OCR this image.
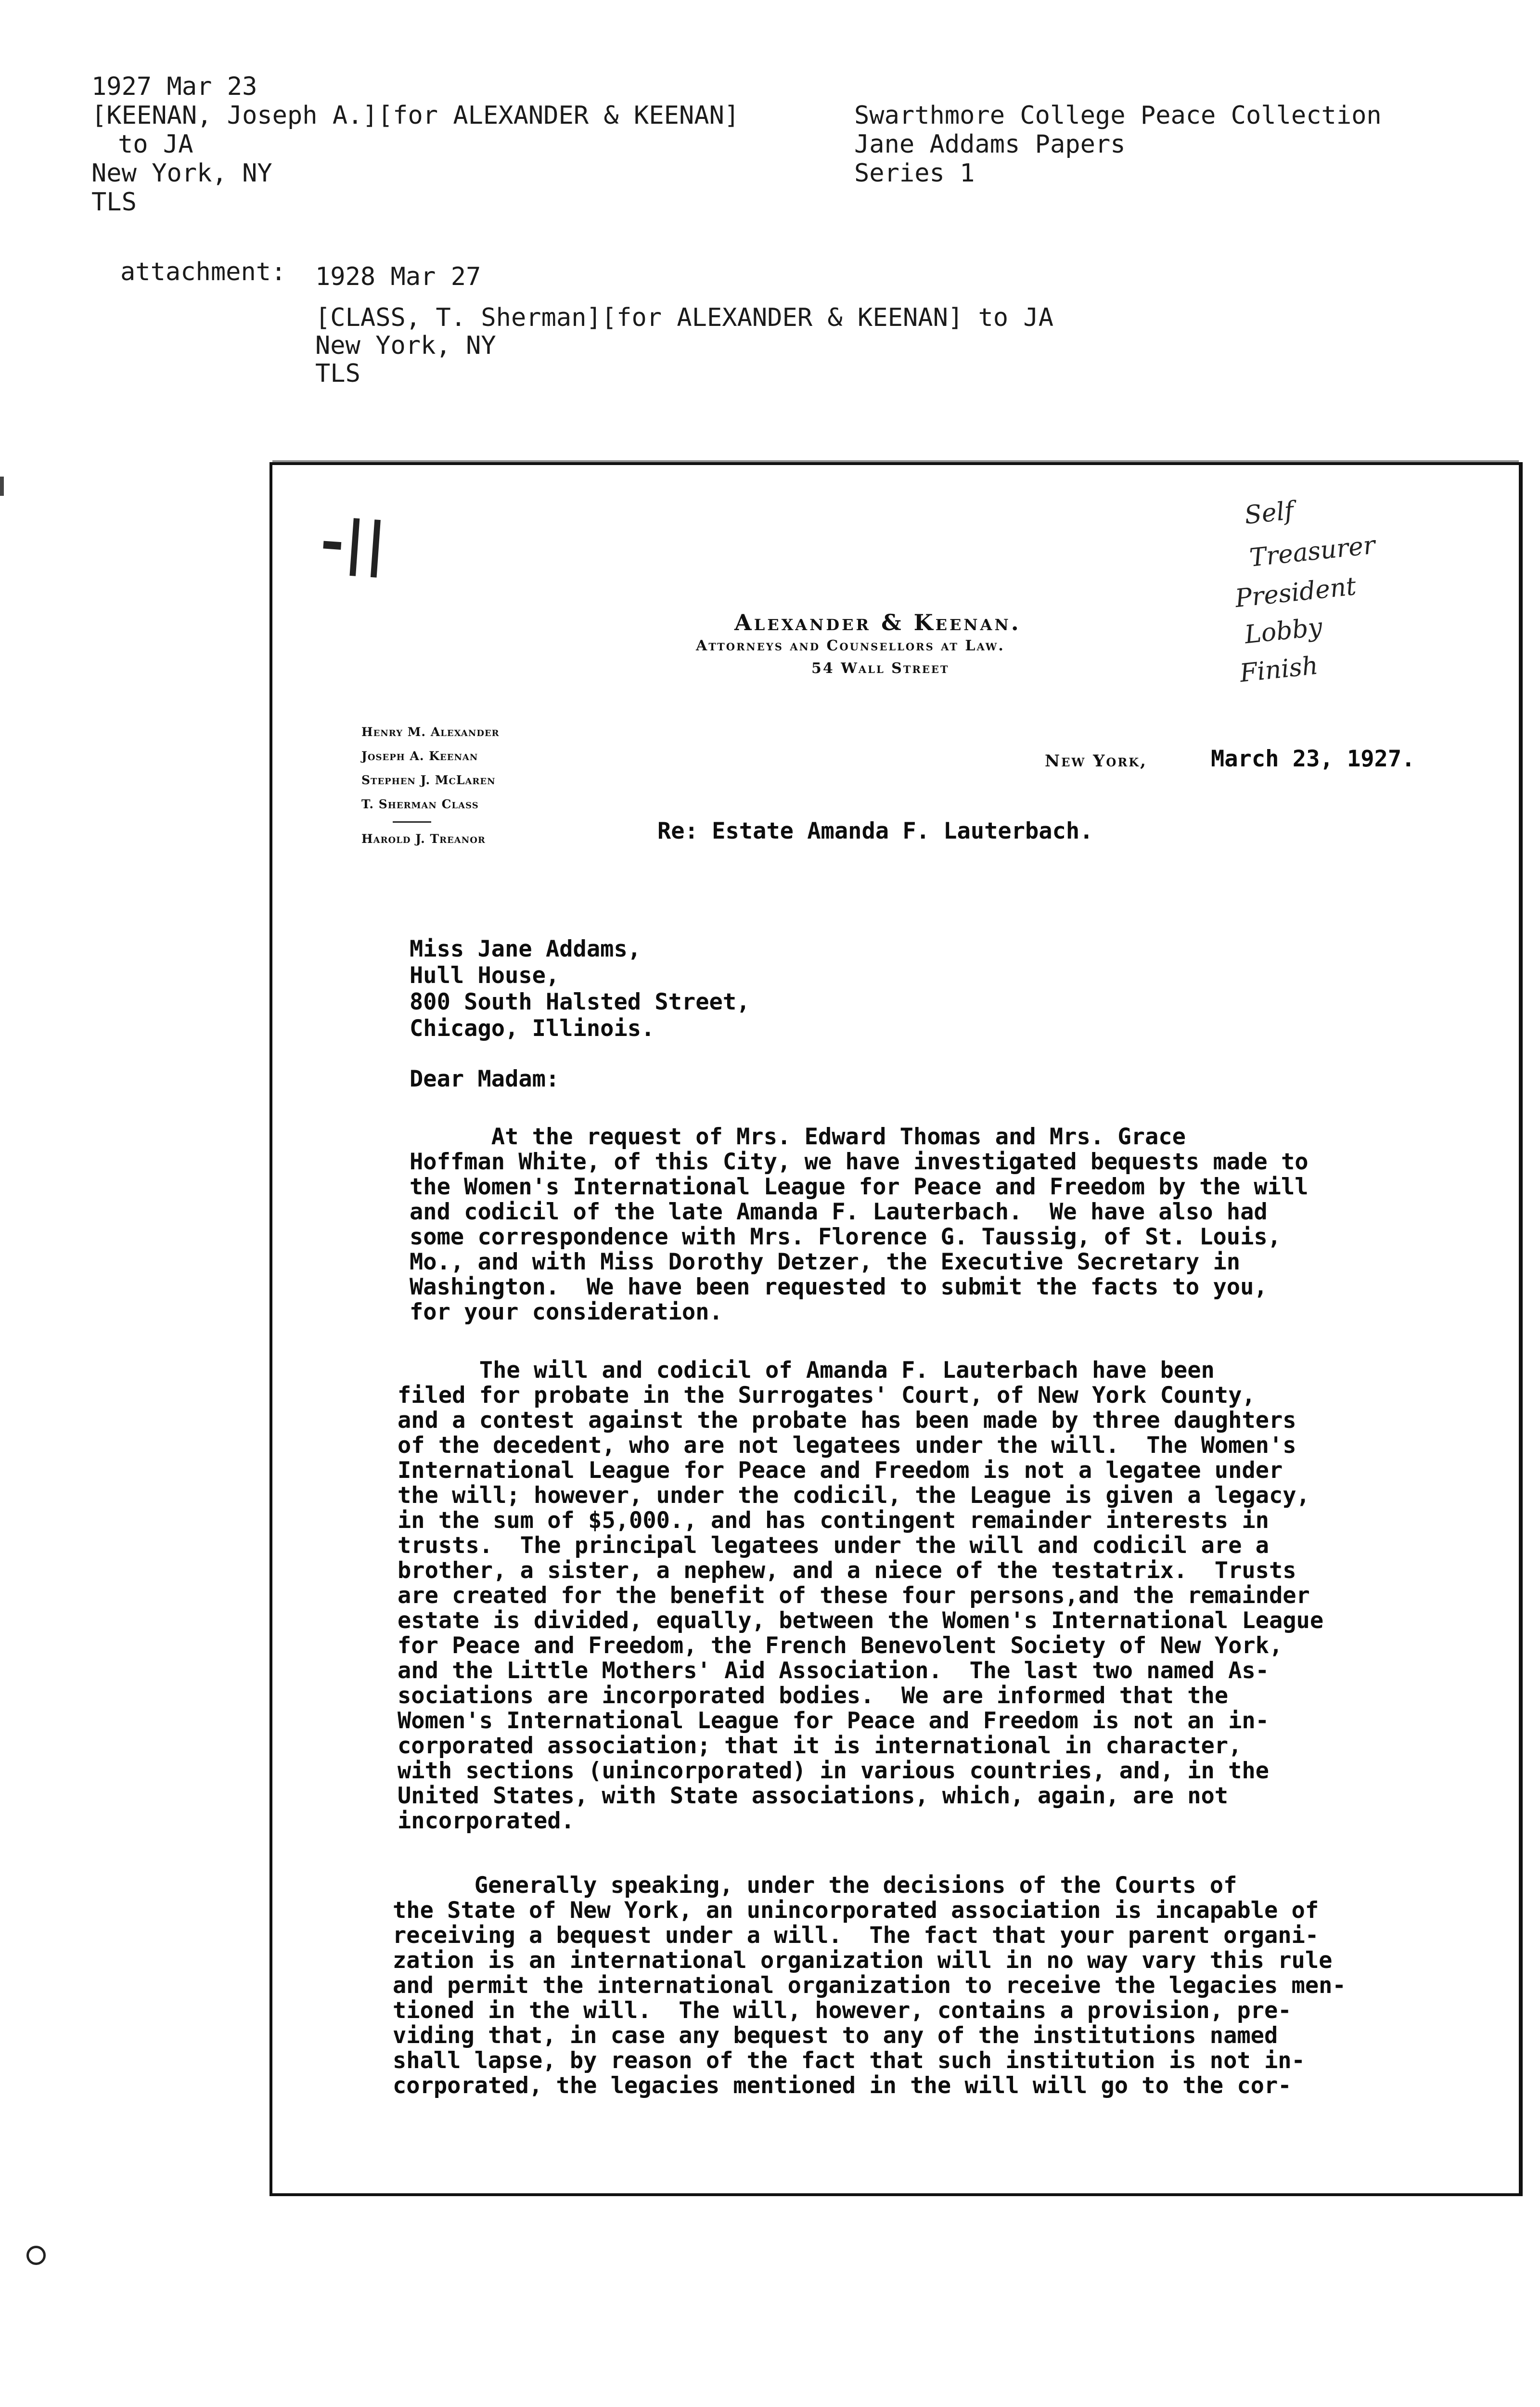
1927 Mar 23
[KEENAN, Joseph A.][for ALEXANDER & KEENAN]
to JA
New York, NY
TLS
Swarthmore College Peace Collection
Jane Addams Papers
Series 1
attachment: 1928 Mar 27
[CLASS, T. Sherman][for ALEXANDER & KEENAN] to JA
New York, NY
TLS
-||
Alexander & Keenan.
Attorneys and Counsellors at Law.
54 Wall Street
Self
Treasurer
President
Lobby
Finish
Henry M. Alexander
Joseph A. Keenan
Stephen J. McLaren
T. Sherman Class
Harold J. Treanor
New York,	March 23, 1927.
Re: Estate Amanda F. Lauterbach.
Miss Jane Addams,
Hull House,
800 South Halsted Street,
Chicago, Illinois.
Dear Madam:
At the request of Mrs. Edward Thomas and Mrs. Grace
Hoffman White, of this City, we have investigated bequests made to
the Women's International League for Peace and Freedom by the will
and codicil of the late Amanda F. Lauterbach.  We have also had
some correspondence with Mrs. Florence G. Taussig, of St. Louis,
Mo., and with Miss Dorothy Detzer, the Executive Secretary in
Washington.  We have been requested to submit the facts to you,
for your consideration.
The will and codicil of Amanda F. Lauterbach have been
filed for probate in the Surrogates' Court, of New York County,
and a contest against the probate has been made by three daughters
of the decedent, who are not legatees under the will.  The Women's
International League for Peace and Freedom is not a legatee under
the will; however, under the codicil, the League is given a legacy,
in the sum of $5,000., and has contingent remainder interests in
trusts.  The principal legatees under the will and codicil are a
brother, a sister, a nephew, and a niece of the testatrix.  Trusts
are created for the benefit of these four persons,and the remainder
estate is divided, equally, between the Women's International League
for Peace and Freedom, the French Benevolent Society of New York,
and the Little Mothers' Aid Association.  The last two named As-
sociations are incorporated bodies.  We are informed that the
Women's International League for Peace and Freedom is not an in-
corporated association; that it is international in character,
with sections (unincorporated) in various countries, and, in the
United States, with State associations, which, again, are not
incorporated.
Generally speaking, under the decisions of the Courts of
the State of New York, an unincorporated association is incapable of
receiving a bequest under a will.  The fact that your parent organi-
zation is an international organization will in no way vary this rule
and permit the international organization to receive the legacies men-
tioned in the will.  The will, however, contains a provision, pre-
viding that, in case any bequest to any of the institutions named
shall lapse, by reason of the fact that such institution is not in-
corporated, the legacies mentioned in the will will go to the cor-
